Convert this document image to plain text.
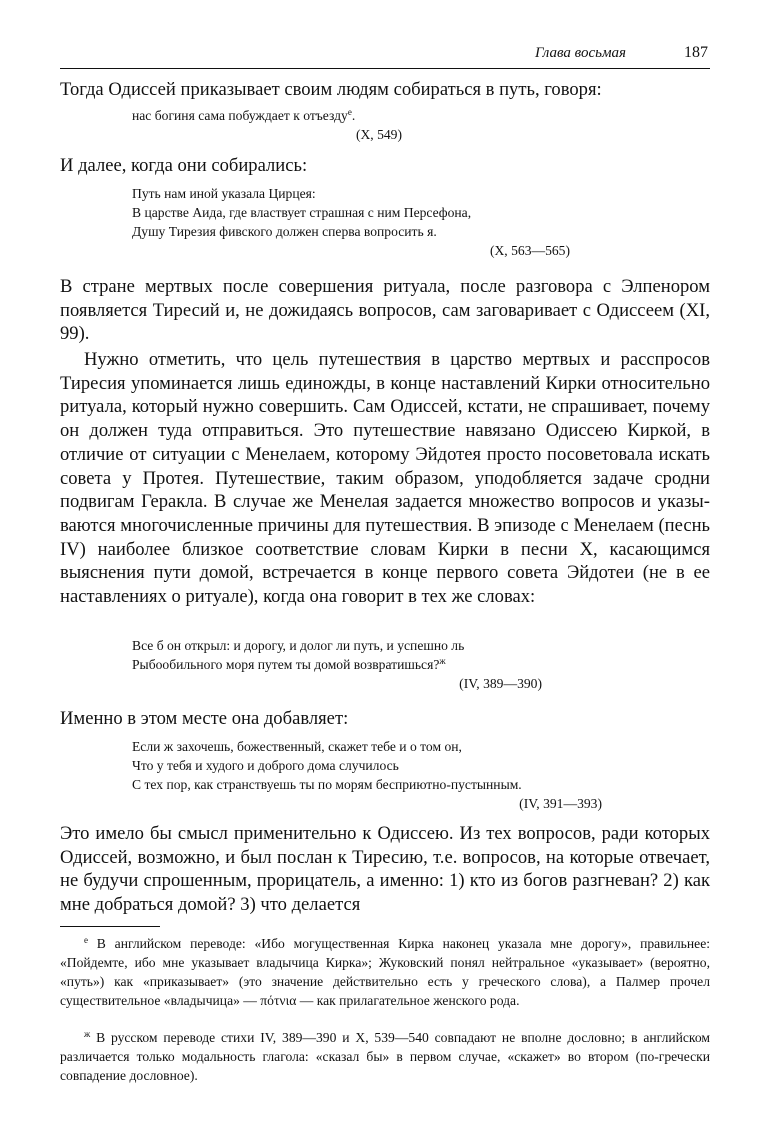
Глава восьмая	187

Тогда Одиссей приказывает своим людям собираться в путь, говоря:

нас богиня сама побуждает к отъезду$^е$.
(X, 549)

И далее, когда они собирались:

Путь нам иной указала Цирцея:
В царстве Аида, где властвует страшная с ним Персефона,
Душу Тирезия фивского должен сперва вопросить я.
(X, 563—565)

В стране мертвых после совершения ритуала, после разговора с Элпенором появляется Тиресий и, не дожидаясь вопросов, сам заговаривает с Одиссеем (XI, 99).

Нужно отметить, что цель путешествия в царство мертвых и расспросов Тиресия упоминается лишь единожды, в конце наставлений Кирки относительно ритуала, который нужно совершить. Сам Одиссей, кстати, не спрашивает, почему он должен туда отправиться. Это путешествие навязано Одиссею Киркой, в отличие от ситуации с Менелаем, которому Эйдотея просто посоветовала искать совета у Протея. Путешествие, таким образом, уподобляется задаче сродни подвигам Геракла. В случае же Менелая задается множество вопросов и указываются многочисленные причины для путешествия. В эпизоде с Менелаем (песнь IV) наиболее близкое соответствие словам Кирки в песни X, касающимся выяснения пути домой, встречается в конце первого совета Эйдотеи (не в ее наставлениях о ритуале), когда она говорит в тех же словах:

Все б он открыл: и дорогу, и долог ли путь, и успешно ль
Рыбообильного моря путем ты домой возвратишься?$^ж$
(IV, 389—390)

Именно в этом месте она добавляет:

Если ж захочешь, божественный, скажет тебе и о том он,
Что у тебя и худого и доброго дома случилось
С тех пор, как странствуешь ты по морям бесприютно-пустынным.
(IV, 391—393)

Это имело бы смысл применительно к Одиссею. Из тех вопросов, ради которых Одиссей, возможно, и был послан к Тиресию, т.е. вопросов, на которые отвечает, не будучи спрошенным, прорицатель, а именно: 1) кто из богов разгневан? 2) как мне добраться домой? 3) что делается

$^е$ В английском переводе: «Ибо могущественная Кирка наконец указала мне дорогу», правильнее: «Пойдемте, ибо мне указывает владычица Кирка»; Жуковский понял нейтральное «указывает» (вероятно, «путь») как «приказывает» (это значение действительно есть у греческого слова), а Палмер прочел существительное «владычица» — πότνια — как прилагательное женского рода.

$^ж$ В русском переводе стихи IV, 389—390 и X, 539—540 совпадают не вполне дословно; в английском различается только модальность глагола: «сказал бы» в первом случае, «скажет» во втором (по-гречески совпадение дословное).
